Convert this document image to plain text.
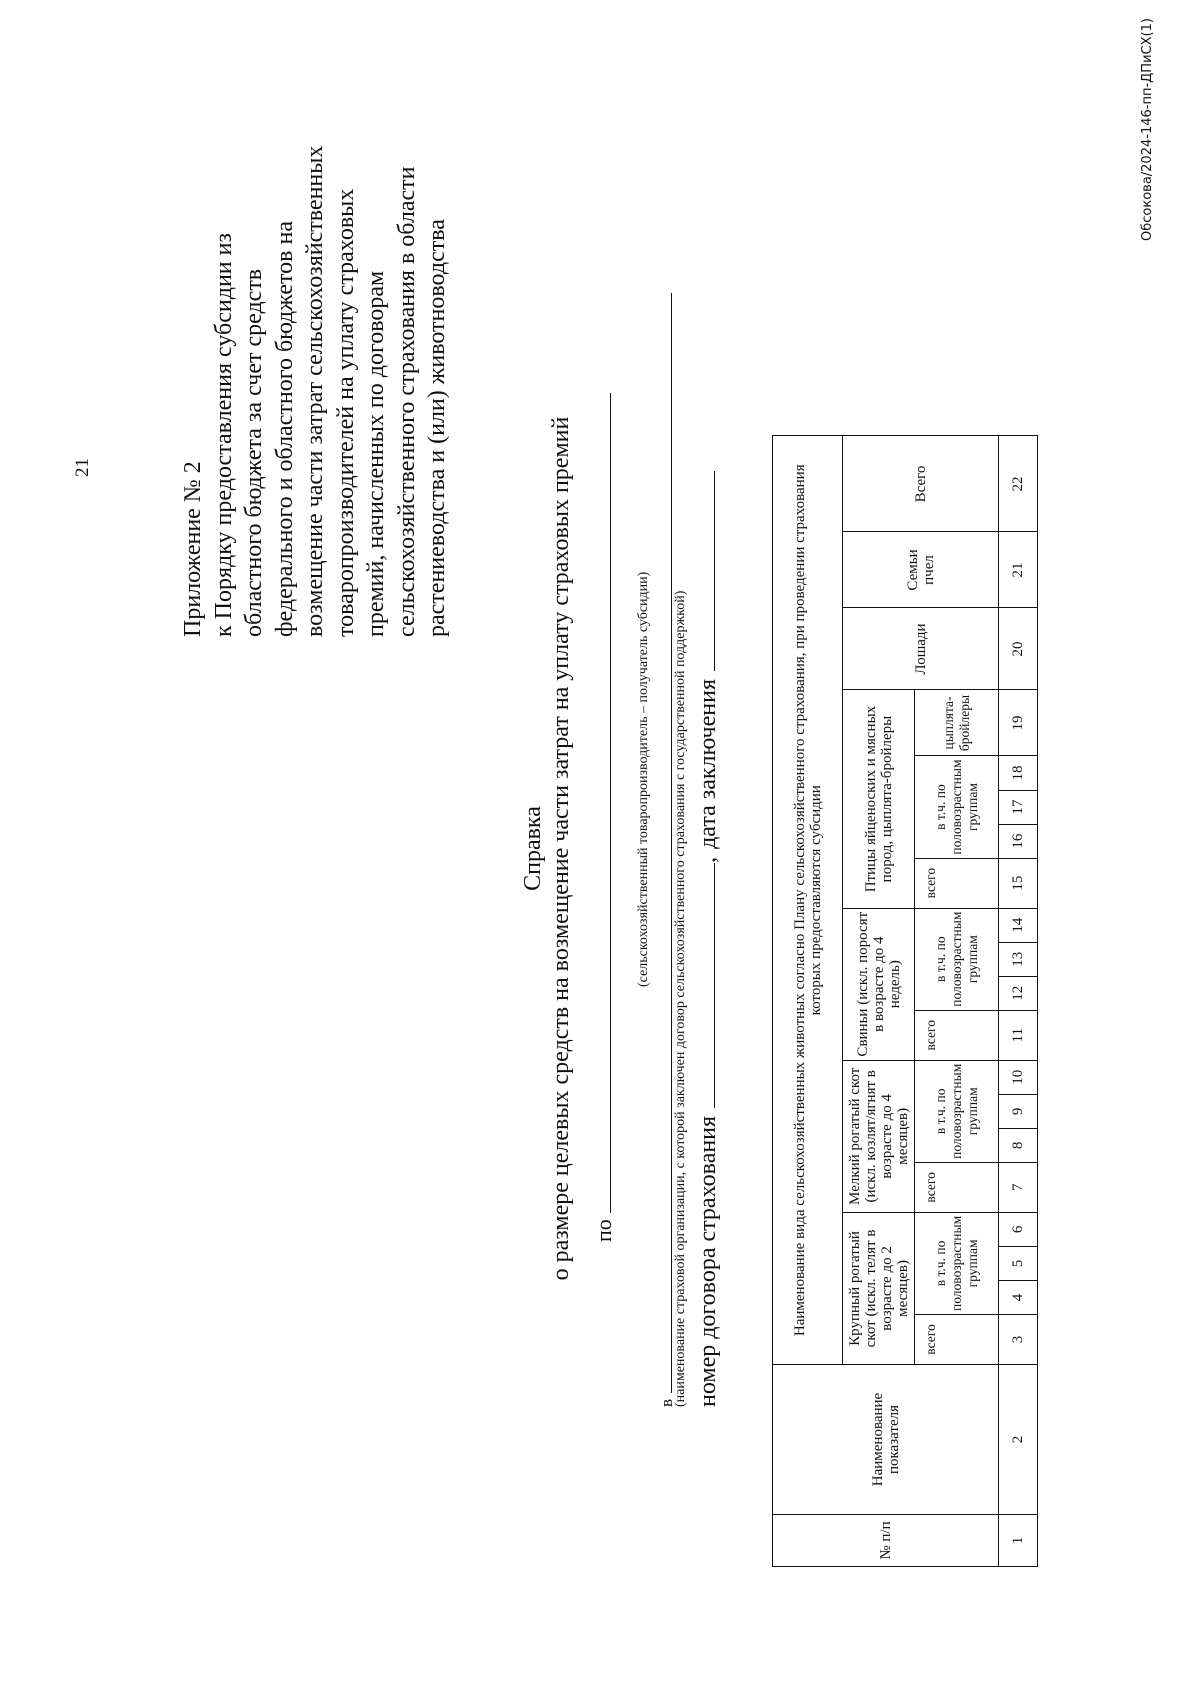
21	Приложение № 2 к Порядку предоставления субсидии из областного бюджета за счет средств федерального и областного бюджетов на возмещение части затрат сельскохозяйственных товаропроизводителей на уплату страховых премий, начисленных по договорам сельскохозяйственного страхования в области растениеводства и (или) животноводства
Справка о размере целевых средств на возмещение части затрат на уплату страховых премий по
(сельскохозяйственный товаропроизводитель – получатель субсидии)
в
(наименование страховой организации, с которой заключен договор сельскохозяйственного страхования с государственной поддержкой) номер договора страхования, дата заключения
№ п/п	Наименование показателя	Наименование вида сельскохозяйственных животных согласно Плану сельскохозяйственного страхования, при проведении страхования которых предоставляются субсидии																			
		Крупный рогатый скот (искл. телят в возрасте до 2 месяцев)				Мелкий рогатый скот (искл. козлят/ягнят в возрасте до 4 месяцев)				Свиньи (искл. поросят в возрасте до 4 недель)				Птицы яйценоских и мясных пород, цыплята-бройлеры					Лошади	Семьи пчел	Всего
		всего	в т.ч. по половозрастным группам			всего	в т.ч. по половозрастным группам			всего	в т.ч. по половозрастным группам			всего	в т.ч. по половозрастным группам			цыплята-бройлеры			
1	2	3	4	5	6	7	8	9	10	11	12	13	14	15	16	17	18	19	20	21	22
Обсокова/2024-146-пп-ДПиСХ(1)
